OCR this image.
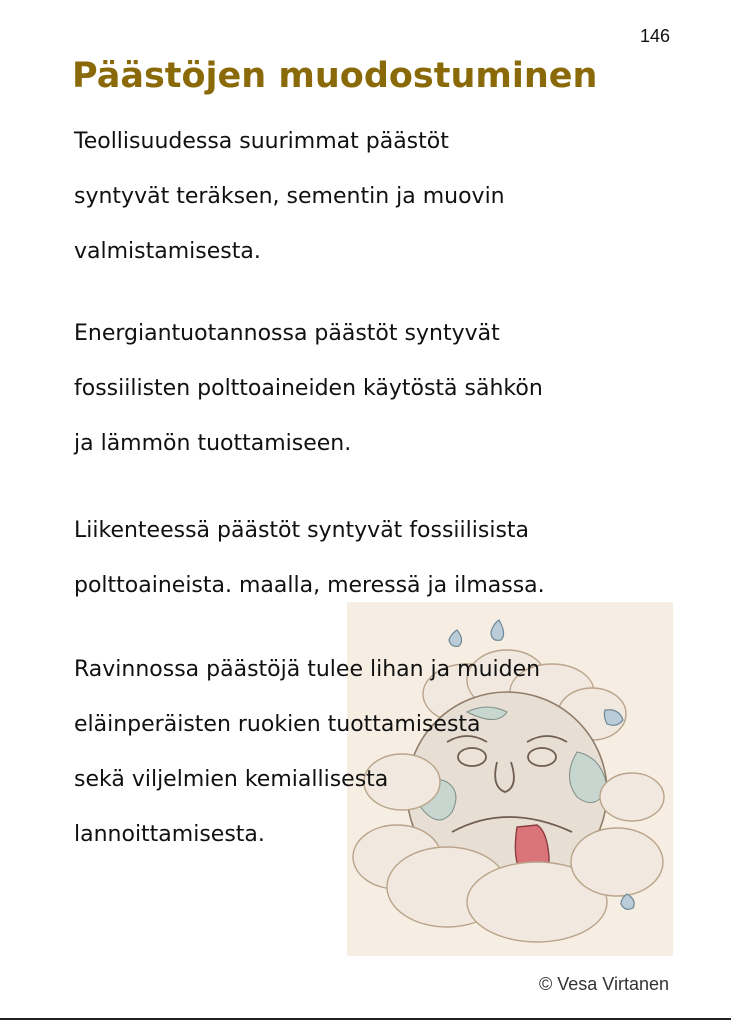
146
Päästöjen muodostuminen
Teollisuudessa suurimmat päästöt
syntyvät teräksen, sementin ja muovin
valmistamisesta.
Energiantuotannossa päästöt syntyvät
fossiilisten polttoaineiden käytöstä sähkön
ja lämmön tuottamiseen.
Liikenteessä päästöt syntyvät fossiilisista
polttoaineista. maalla, meressä ja ilmassa.
Ravinnossa päästöjä tulee lihan ja muiden
eläinperäisten ruokien tuottamisesta
sekä viljelmien kemiallisesta
lannoittamisesta.
© Vesa Virtanen
